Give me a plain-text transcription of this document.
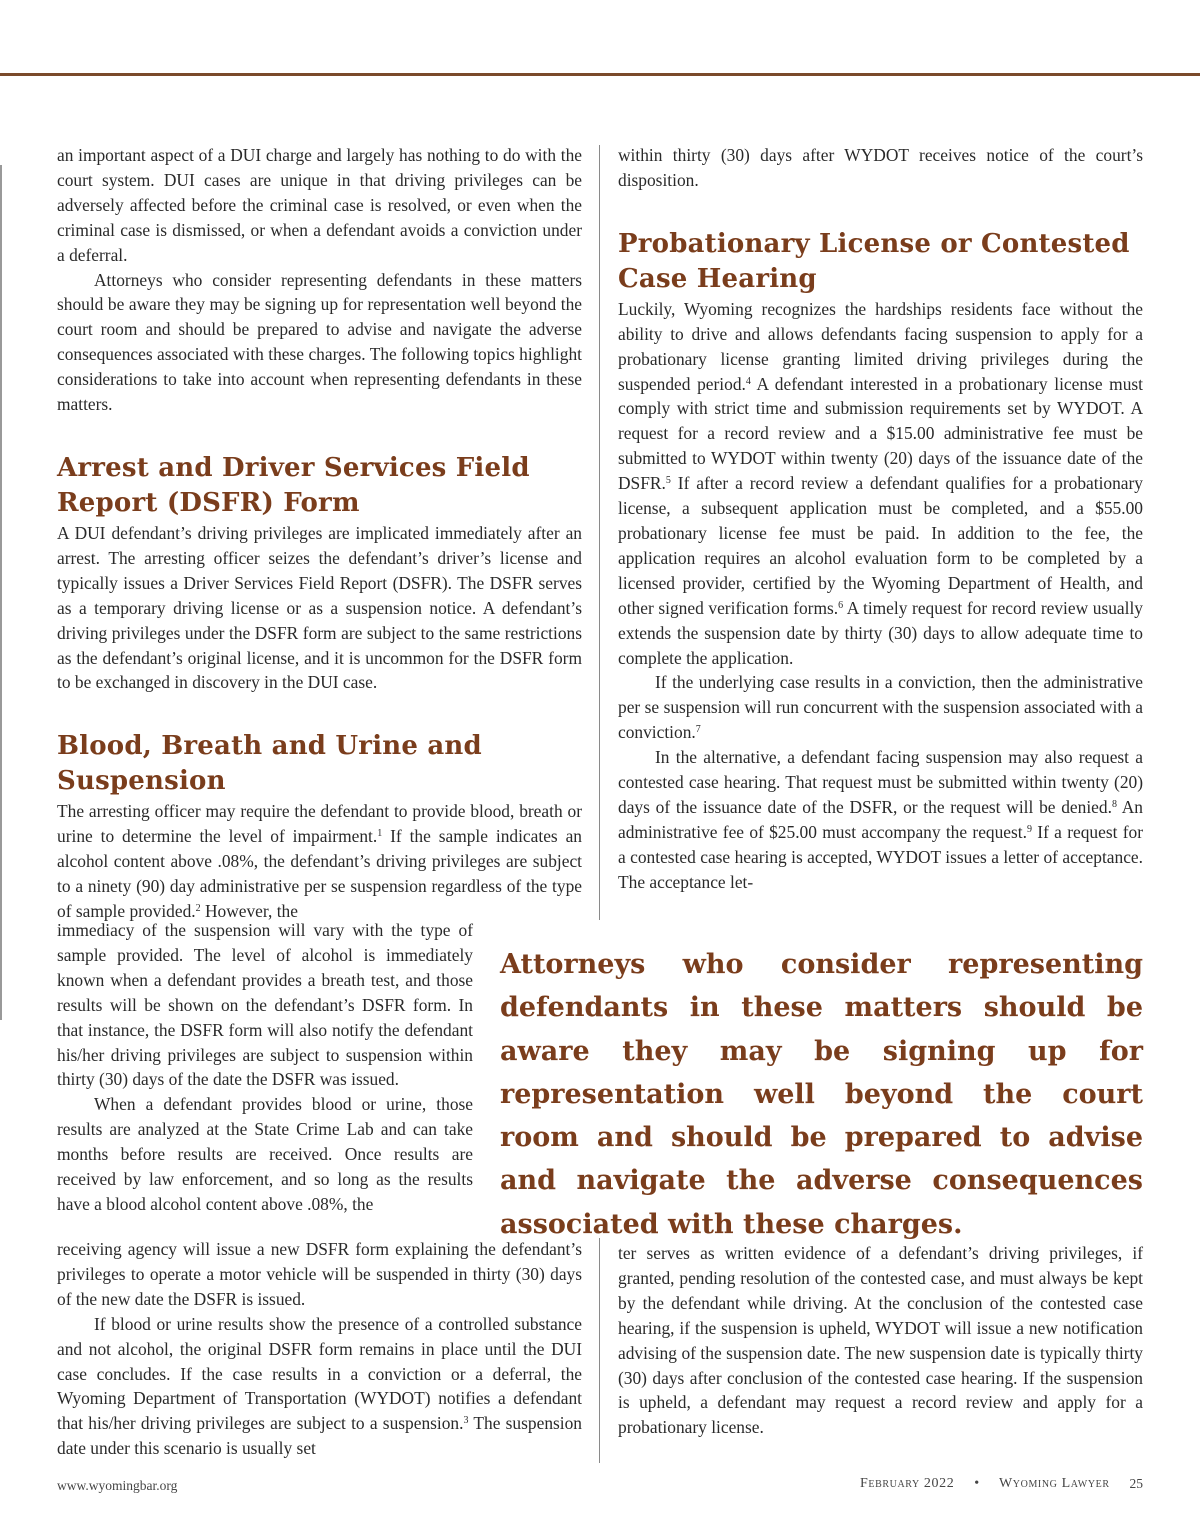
an important aspect of a DUI charge and largely has nothing to do with the court system. DUI cases are unique in that driving privileges can be adversely affected before the criminal case is resolved, or even when the criminal case is dismissed, or when a defendant avoids a conviction under a deferral.

Attorneys who consider representing defendants in these matters should be aware they may be signing up for representation well beyond the court room and should be prepared to advise and navigate the adverse consequences associated with these charges. The following topics highlight considerations to take into account when representing defendants in these matters.

Arrest and Driver Services Field Report (DSFR) Form

A DUI defendant’s driving privileges are implicated immediately after an arrest. The arresting officer seizes the defendant’s driver’s license and typically issues a Driver Services Field Report (DSFR). The DSFR serves as a temporary driving license or as a suspension notice. A defendant’s driving privileges under the DSFR form are subject to the same restrictions as the defendant’s original license, and it is uncommon for the DSFR form to be exchanged in discovery in the DUI case.

Blood, Breath and Urine and Suspension

The arresting officer may require the defendant to provide blood, breath or urine to determine the level of impairment.$^1$ If the sample indicates an alcohol content above .08%, the defendant’s driving privileges are subject to a ninety (90) day administrative per se suspension regardless of the type of sample provided.$^2$ However, the

immediacy of the suspension will vary with the type of sample provided. The level of alcohol is immediately known when a defendant provides a breath test, and those results will be shown on the defendant’s DSFR form. In that instance, the DSFR form will also notify the defendant his/her driving privileges are subject to suspension within thirty (30) days of the date the DSFR was issued.

When a defendant provides blood or urine, those results are analyzed at the State Crime Lab and can take months before results are received. Once results are received by law enforcement, and so long as the results have a blood alcohol content above .08%, the

receiving agency will issue a new DSFR form explaining the defendant’s privileges to operate a motor vehicle will be suspended in thirty (30) days of the new date the DSFR is issued.

If blood or urine results show the presence of a controlled substance and not alcohol, the original DSFR form remains in place until the DUI case concludes. If the case results in a conviction or a deferral, the Wyoming Department of Transportation (WYDOT) notifies a defendant that his/her driving privileges are subject to a suspension.$^3$ The suspension date under this scenario is usually set

within thirty (30) days after WYDOT receives notice of the court’s disposition.

Probationary License or Contested Case Hearing

Luckily, Wyoming recognizes the hardships residents face without the ability to drive and allows defendants facing suspension to apply for a probationary license granting limited driving privileges during the suspended period.$^4$ A defendant interested in a probationary license must comply with strict time and submission requirements set by WYDOT. A request for a record review and a $15.00 administrative fee must be submitted to WYDOT within twenty (20) days of the issuance date of the DSFR.$^5$ If after a record review a defendant qualifies for a probationary license, a subsequent application must be completed, and a $55.00 probationary license fee must be paid. In addition to the fee, the application requires an alcohol evaluation form to be completed by a licensed provider, certified by the Wyoming Department of Health, and other signed verification forms.$^6$ A timely request for record review usually extends the suspension date by thirty (30) days to allow adequate time to complete the application.

If the underlying case results in a conviction, then the administrative per se suspension will run concurrent with the suspension associated with a conviction.$^7$

In the alternative, a defendant facing suspension may also request a contested case hearing. That request must be submitted within twenty (20) days of the issuance date of the DSFR, or the request will be denied.$^8$ An administrative fee of $25.00 must accompany the request.$^9$ If a request for a contested case hearing is accepted, WYDOT issues a letter of acceptance. The acceptance let-

Attorneys who consider representing defendants in these matters should be aware they may be signing up for representation well beyond the court room and should be prepared to advise and navigate the adverse consequences associated with these charges.

ter serves as written evidence of a defendant’s driving privileges, if granted, pending resolution of the contested case, and must always be kept by the defendant while driving. At the conclusion of the contested case hearing, if the suspension is upheld, WYDOT will issue a new notification advising of the suspension date. The new suspension date is typically thirty (30) days after conclusion of the contested case hearing. If the suspension is upheld, a defendant may request a record review and apply for a probationary license.

www.wyomingbar.org	February 2022 • Wyoming Lawyer 25
